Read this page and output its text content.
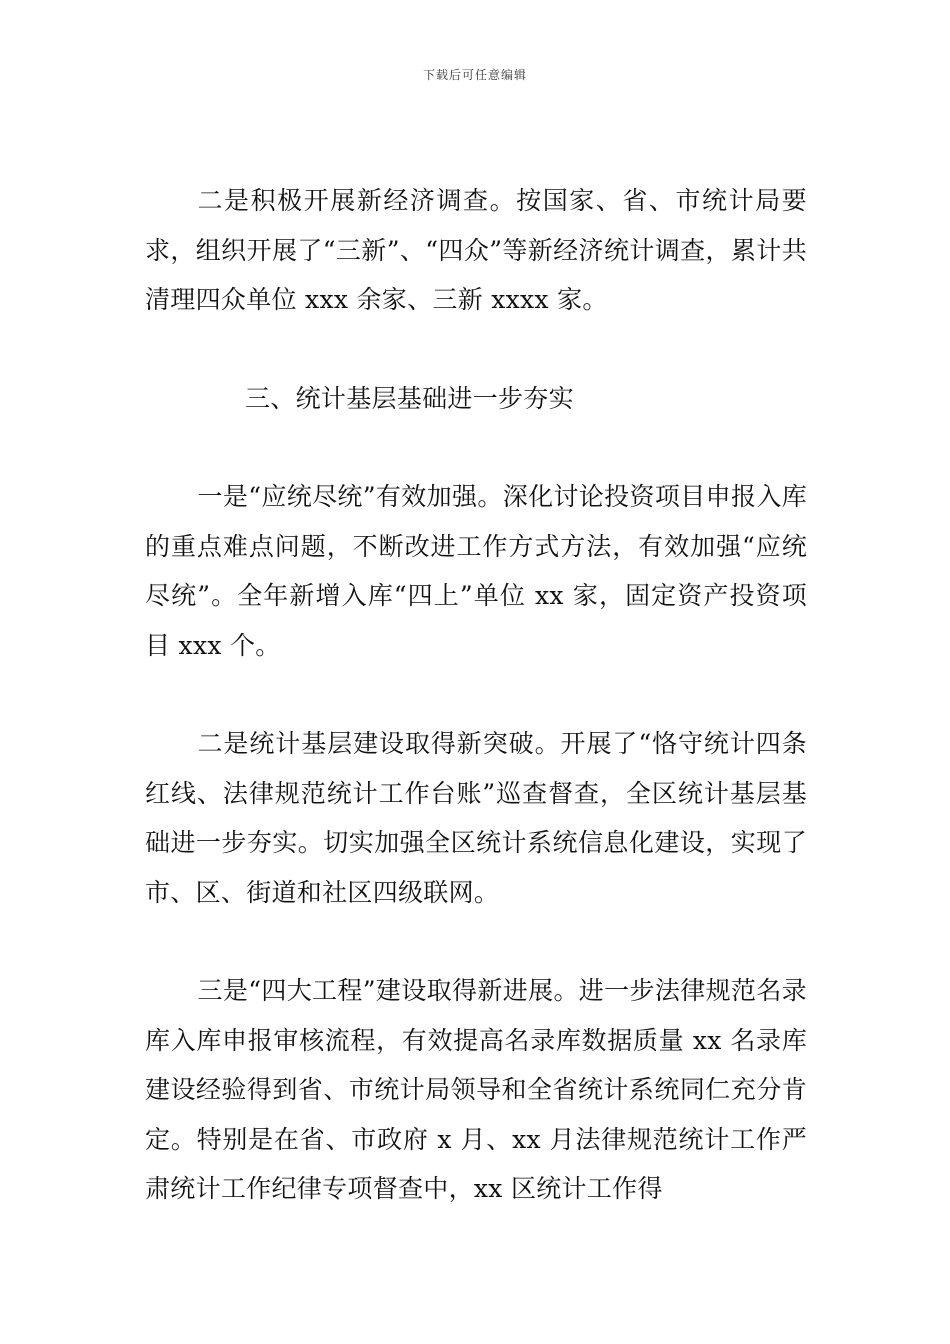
下载后可任意编辑

二是积极开展新经济调查。按国家、省、市统计局要求，组织开展了“三新”、“四众”等新经济统计调查，累计共清理四众单位 xxx 余家、三新 xxxx 家。

三、统计基层基础进一步夯实

一是“应统尽统”有效加强。深化讨论投资项目申报入库的重点难点问题，不断改进工作方式方法，有效加强“应统尽统”。全年新增入库“四上”单位 xx 家，固定资产投资项目 xxx 个。

二是统计基层建设取得新突破。开展了“恪守统计四条红线、法律规范统计工作台账”巡查督查，全区统计基层基础进一步夯实。切实加强全区统计系统信息化建设，实现了市、区、街道和社区四级联网。

三是“四大工程”建设取得新进展。进一步法律规范名录库入库申报审核流程，有效提高名录库数据质量 xx 名录库建设经验得到省、市统计局领导和全省统计系统同仁充分肯定。特别是在省、市政府 x 月、xx 月法律规范统计工作严肃统计工作纪律专项督查中，xx 区统计工作得
